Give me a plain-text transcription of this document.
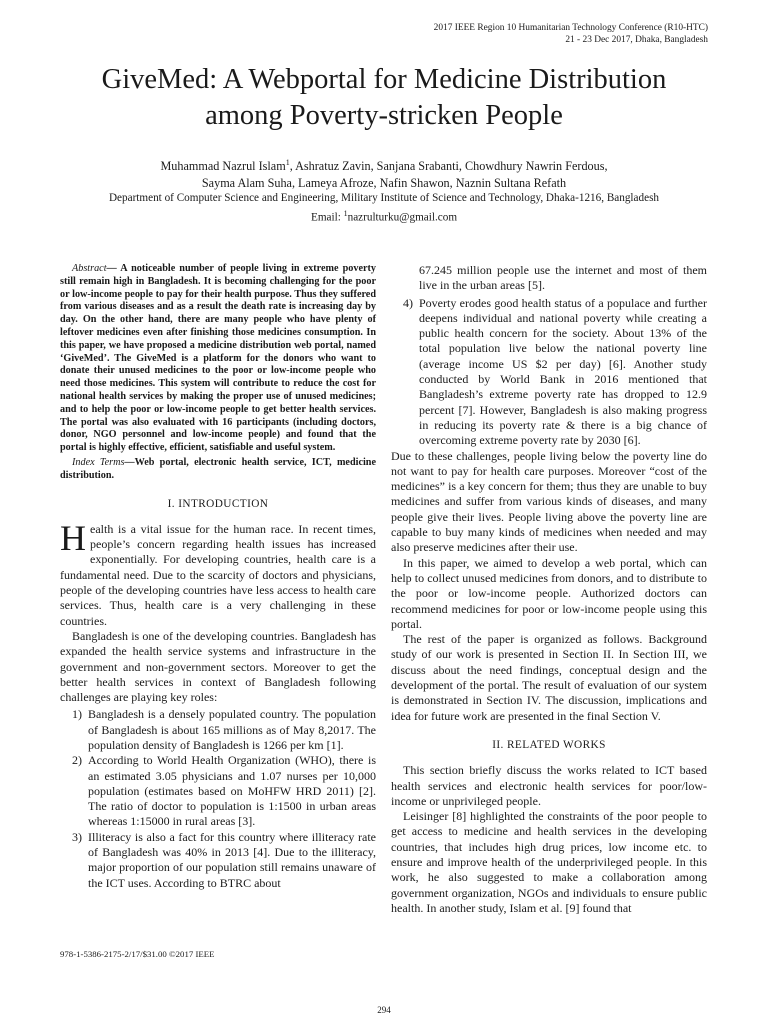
2017 IEEE Region 10 Humanitarian Technology Conference (R10-HTC)
21 - 23 Dec 2017, Dhaka, Bangladesh
GiveMed: A Webportal for Medicine Distribution
among Poverty-stricken People
Muhammad Nazrul Islam$^1$, Ashratuz Zavin, Sanjana Srabanti, Chowdhury Nawrin Ferdous,
Sayma Alam Suha, Lameya Afroze, Nafin Shawon, Naznin Sultana Refath
Department of Computer Science and Engineering, Military Institute of Science and Technology, Dhaka-1216, Bangladesh
Email: $^1$nazrulturku@gmail.com

Abstract— A noticeable number of people living in extreme poverty still remain high in Bangladesh. It is becoming challenging for the poor or low-income people to pay for their health purpose. Thus they suffered from various diseases and as a result the death rate is increasing day by day. On the other hand, there are many people who have plenty of leftover medicines even after finishing those medicines consumption. In this paper, we have proposed a medicine distribution web portal, named ‘GiveMed’. The GiveMed is a platform for the donors who want to donate their unused medicines to the poor or low-income people who need those medicines. This system will contribute to reduce the cost for national health services by making the proper use of unused medicines; and to help the poor or low-income people to get better health services. The portal was also evaluated with 16 participants (including doctors, donor, NGO personnel and low-income people) and found that the portal is highly effective, efficient, satisfiable and useful system.

Index Terms—Web portal, electronic health service, ICT, medicine distribution.

I. INTRODUCTION

Health is a vital issue for the human race. In recent times, people’s concern regarding health issues has increased exponentially. For developing countries, health care is a fundamental need. Due to the scarcity of doctors and physicians, people of the developing countries have less access to health care services. Thus, health care is a very challenging in these countries.

Bangladesh is one of the developing countries. Bangladesh has expanded the health service systems and infrastructure in the government and non-government sectors. Moreover to get the better health services in context of Bangladesh following challenges are playing key roles:

1) Bangladesh is a densely populated country. The population of Bangladesh is about 165 millions as of May 8,2017. The population density of Bangladesh is 1266 per km [1].
2) According to World Health Organization (WHO), there is an estimated 3.05 physicians and 1.07 nurses per 10,000 population (estimates based on MoHFW HRD 2011) [2]. The ratio of doctor to population is 1:1500 in urban areas whereas 1:15000 in rural areas [3].
3) Illiteracy is also a fact for this country where illiteracy rate of Bangladesh was 40% in 2013 [4]. Due to the illiteracy, major proportion of our population still remains unaware of the ICT uses. According to BTRC about

67.245 million people use the internet and most of them live in the urban areas [5].

4) Poverty erodes good health status of a populace and further deepens individual and national poverty while creating a public health concern for the society. About 13% of the total population live below the national poverty line (average income US $2 per day) [6]. Another study conducted by World Bank in 2016 mentioned that Bangladesh’s extreme poverty rate has dropped to 12.9 percent [7]. However, Bangladesh is also making progress in reducing its poverty rate & there is a big chance of overcoming extreme poverty rate by 2030 [6].

Due to these challenges, people living below the poverty line do not want to pay for health care purposes. Moreover “cost of the medicines” is a key concern for them; thus they are unable to buy medicines and suffer from various kinds of diseases, and many people give their lives. People living above the poverty line are capable to buy many kinds of medicines when needed and may also preserve medicines after their use.

In this paper, we aimed to develop a web portal, which can help to collect unused medicines from donors, and to distribute to the poor or low-income people. Authorized doctors can recommend medicines for poor or low-income people using this portal.

The rest of the paper is organized as follows. Background study of our work is presented in Section II. In Section III, we discuss about the need findings, conceptual design and the development of the portal. The result of evaluation of our system is demonstrated in Section IV. The discussion, implications and idea for future work are presented in the final Section V.

II. RELATED WORKS

This section briefly discuss the works related to ICT based health services and electronic health services for poor/low-income or unprivileged people.

Leisinger [8] highlighted the constraints of the poor people to get access to medicine and health services in the developing countries, that includes high drug prices, low income etc. to ensure and improve health of the underprivileged people. In this work, he also suggested to make a collaboration among government organization, NGOs and individuals to ensure public health. In another study, Islam et al. [9] found that

978-1-5386-2175-2/17/$31.00 ©2017 IEEE
294
